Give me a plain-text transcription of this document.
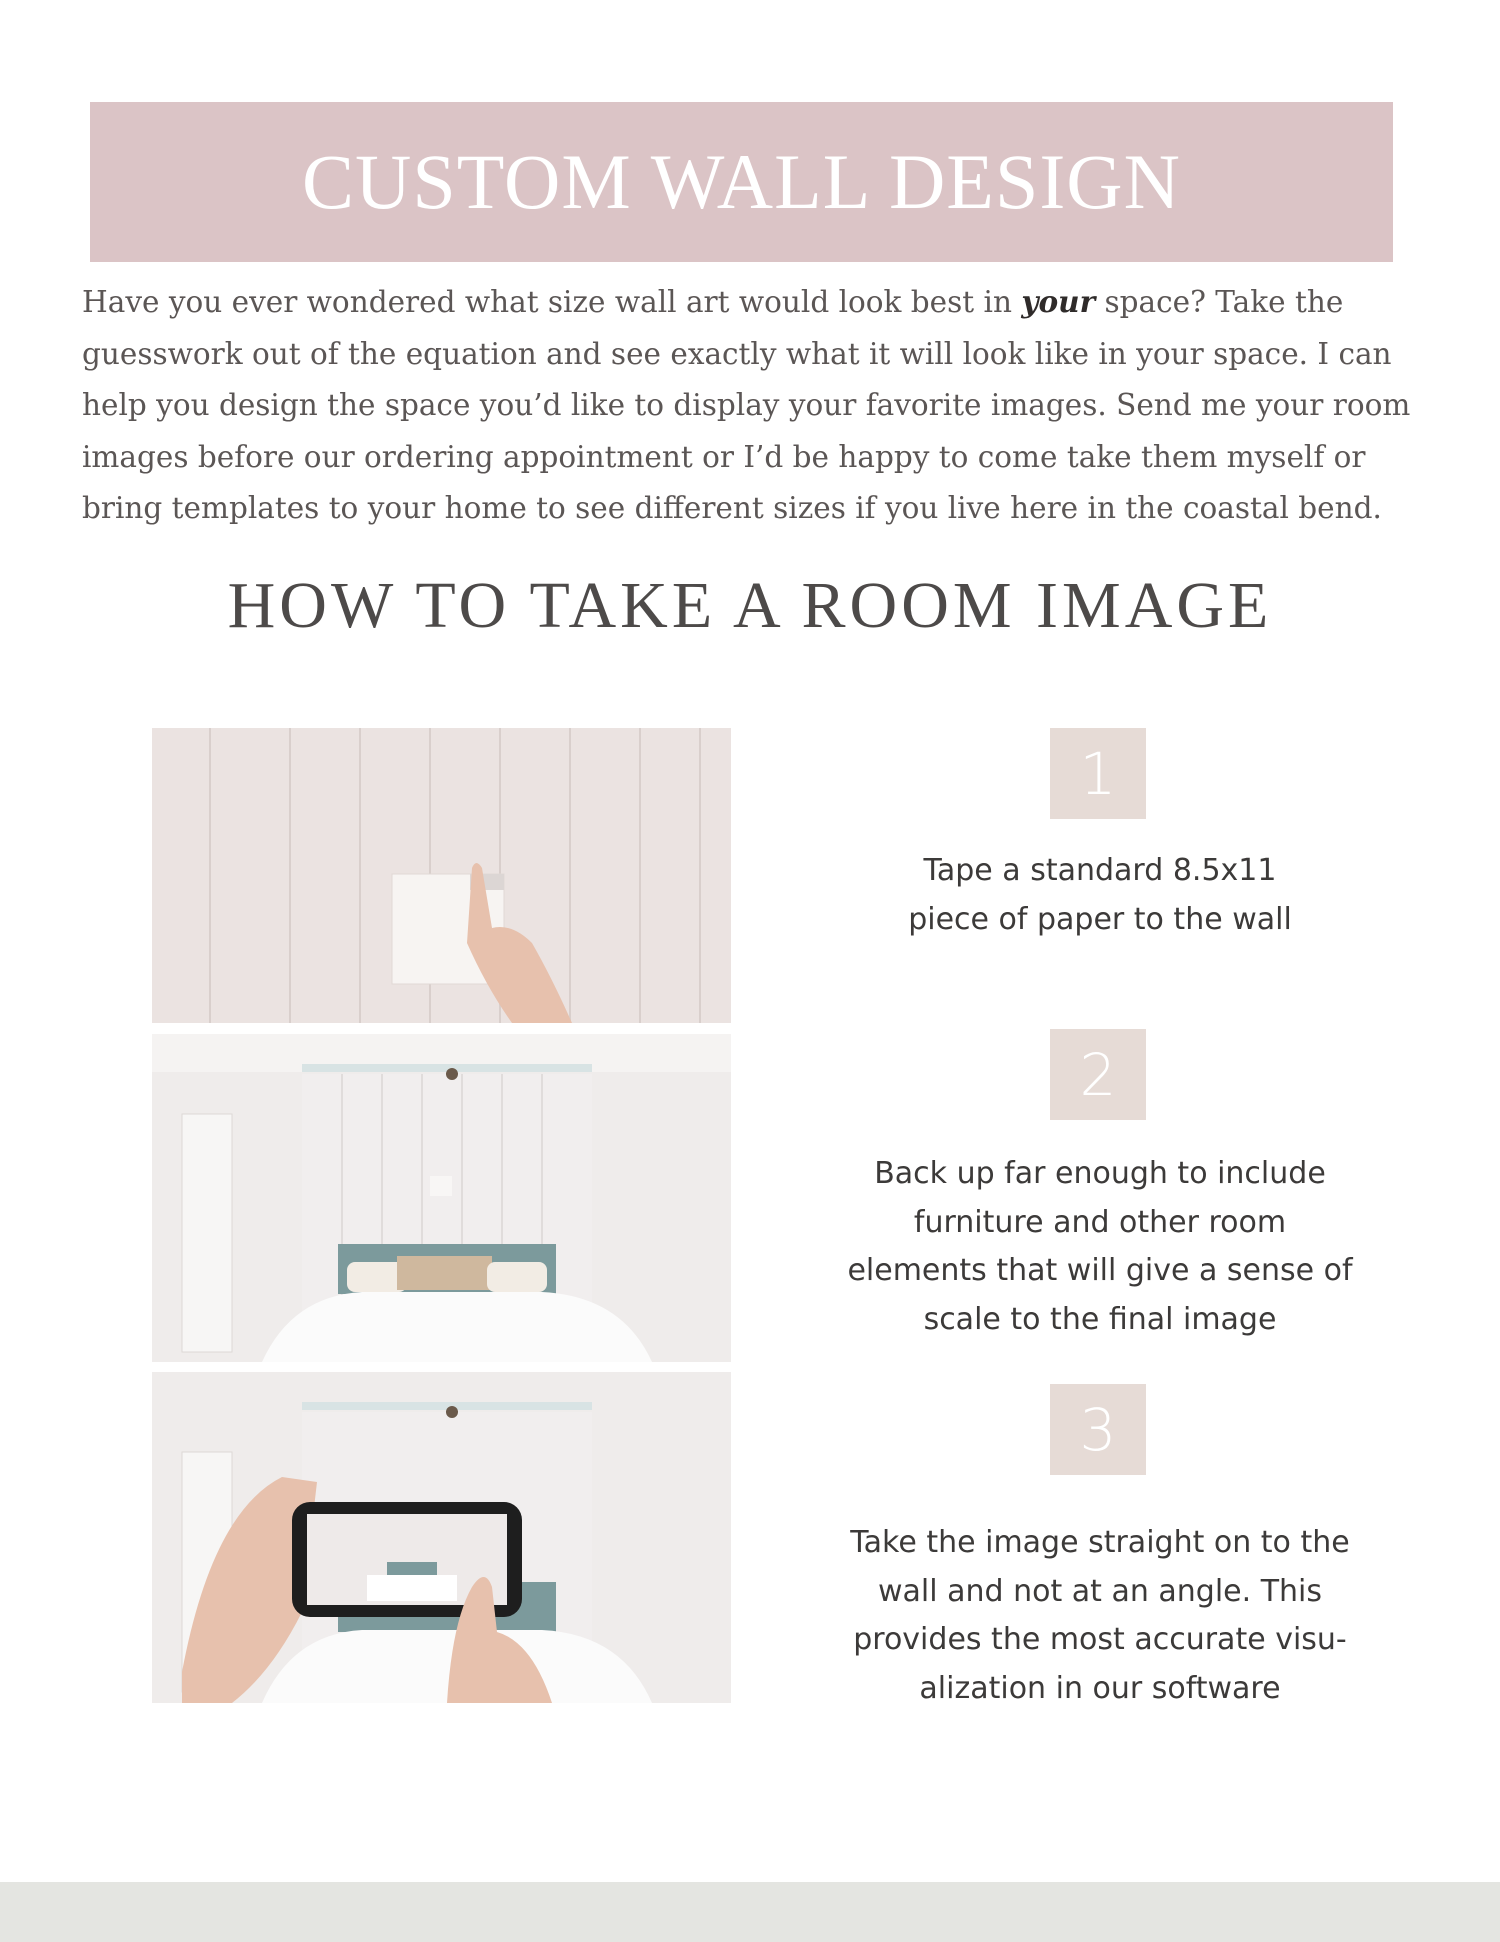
CUSTOM WALL DESIGN

Have you ever wondered what size wall art would look best in your space? Take the guesswork out of the equation and see exactly what it will look like in your space. I can help you design the space you’d like to display your favorite images. Send me your room images before our ordering appointment or I’d be happy to come take them myself or bring templates to your home to see different sizes if you live here in the coastal bend.

HOW TO TAKE A ROOM IMAGE
1

Tape a standard 8.5x11
piece of paper to the wall

2

Back up far enough to include
furniture and other room
elements that will give a sense of
scale to the final image

3

Take the image straight on to the
wall and not at an angle. This
provides the most accurate visu-
alization in our software
